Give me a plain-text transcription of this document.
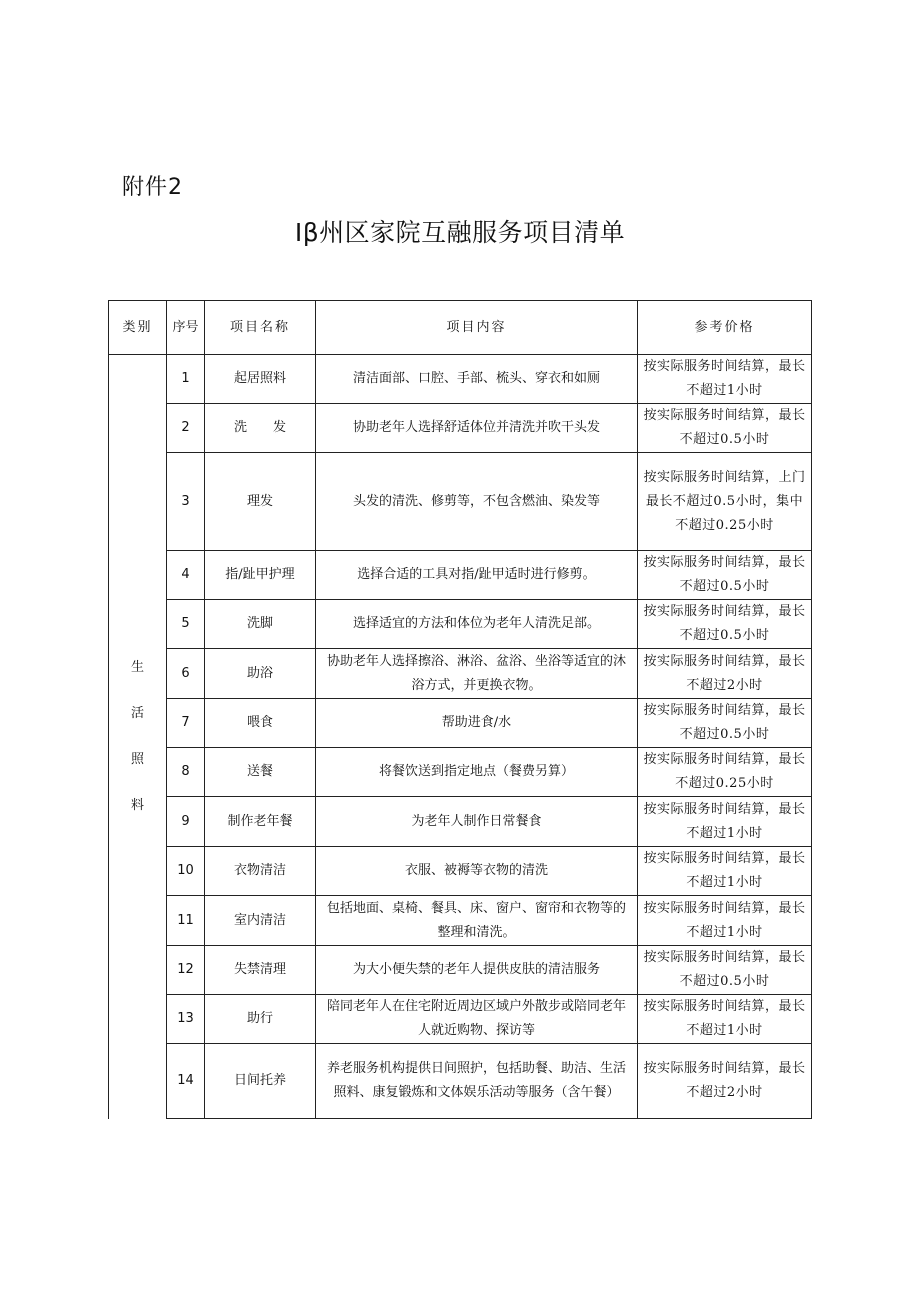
附件2
Iβ州区家院互融服务项目清单
类别	序号	项目名称	项目内容	参考价格

生
活
照
料	1	起居照料	清洁面部、口腔、手部、梳头、穿衣和如厕	按实际服务时间结算，最长不超过1小时
	2	洗　　发	协助老年人选择舒适体位并清洗并吹干头发	按实际服务时间结算，最长不超过0.5小时
	3	理发	头发的清洗、修剪等，不包含燃油、染发等	按实际服务时间结算，上门最长不超过0.5小时，集中不超过0.25小时
	4	指/趾甲护理	选择合适的工具对指/趾甲适时进行修剪。	按实际服务时间结算，最长不超过0.5小时
	5	洗脚	选择适宜的方法和体位为老年人清洗足部。	按实际服务时间结算，最长不超过0.5小时
	6	助浴	协助老年人选择擦浴、淋浴、盆浴、坐浴等适宜的沐浴方式，并更换衣物。	按实际服务时间结算，最长不超过2小时
	7	喂食	帮助进食/水	按实际服务时间结算，最长不超过0.5小时
	8	送餐	将餐饮送到指定地点（餐费另算）	按实际服务时间结算，最长不超过0.25小时
	9	制作老年餐	为老年人制作日常餐食	按实际服务时间结算，最长不超过1小时
	10	衣物清洁	衣服、被褥等衣物的清洗	按实际服务时间结算，最长不超过1小时
	11	室内清洁	包括地面、桌椅、餐具、床、窗户、窗帘和衣物等的整理和清洗。	按实际服务时间结算，最长不超过1小时
	12	失禁清理	为大小便失禁的老年人提供皮肤的清洁服务	按实际服务时间结算，最长不超过0.5小时
	13	助行	陪同老年人在住宅附近周边区域户外散步或陪同老年人就近购物、探访等	按实际服务时间结算，最长不超过1小时
	14	日间托养	养老服务机构提供日间照护，包括助餐、助洁、生活照料、康复锻炼和文体娱乐活动等服务（含午餐）	按实际服务时间结算，最长不超过2小时
